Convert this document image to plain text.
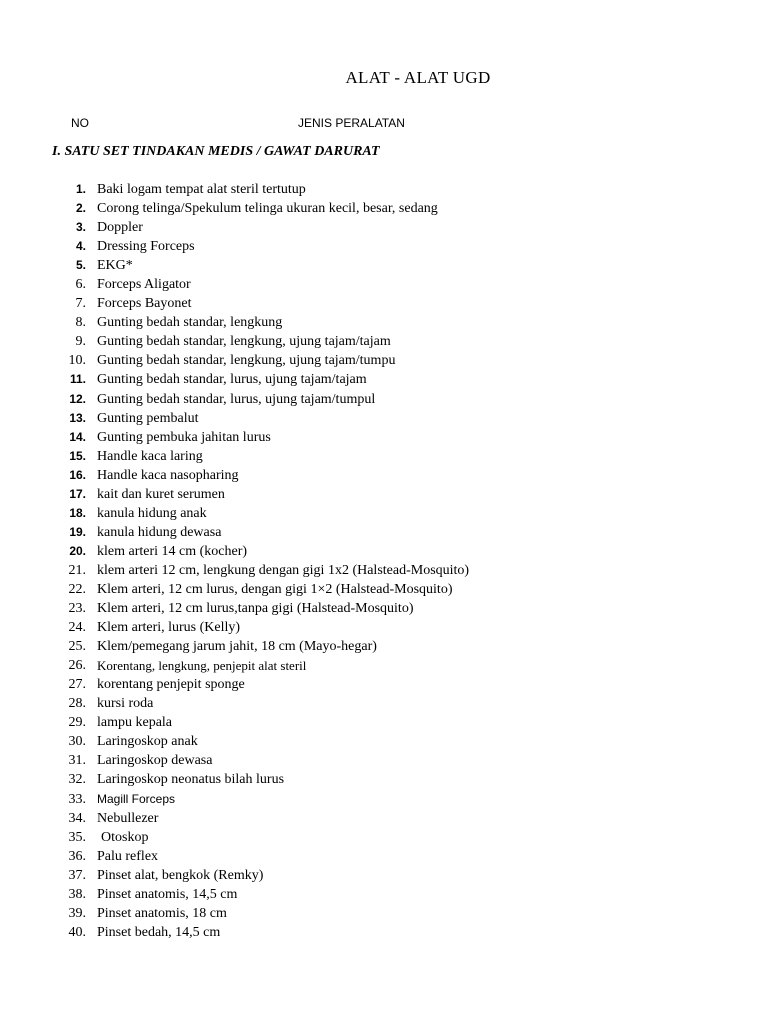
ALAT - ALAT UGD
NO	JENIS PERALATAN
I. SATU SET TINDAKAN MEDIS / GAWAT DARURAT
1. Baki logam tempat alat steril tertutup
2. Corong telinga/Spekulum telinga ukuran kecil, besar, sedang
3. Doppler
4. Dressing Forceps
5. EKG*
6. Forceps Aligator
7. Forceps Bayonet
8. Gunting bedah standar, lengkung
9. Gunting bedah standar, lengkung, ujung tajam/tajam
10. Gunting bedah standar, lengkung, ujung tajam/tumpu
11. Gunting bedah standar, lurus, ujung tajam/tajam
12. Gunting bedah standar, lurus, ujung tajam/tumpul
13. Gunting pembalut
14. Gunting pembuka jahitan lurus
15. Handle kaca laring
16. Handle kaca nasopharing
17. kait dan kuret serumen
18. kanula hidung anak
19. kanula hidung dewasa
20. klem arteri 14 cm (kocher)
21. klem arteri 12 cm, lengkung dengan gigi 1x2 (Halstead-Mosquito)
22. Klem arteri, 12 cm lurus, dengan gigi 1×2 (Halstead-Mosquito)
23. Klem arteri, 12 cm lurus,tanpa gigi (Halstead-Mosquito)
24. Klem arteri, lurus (Kelly)
25. Klem/pemegang jarum jahit, 18 cm (Mayo-hegar)
26. Korentang, lengkung, penjepit alat steril
27. korentang penjepit sponge
28. kursi roda
29. lampu kepala
30. Laringoskop anak
31. Laringoskop dewasa
32. Laringoskop neonatus bilah lurus
33. Magill Forceps
34. Nebullezer
35. Otoskop
36. Palu reflex
37. Pinset alat, bengkok (Remky)
38. Pinset anatomis, 14,5 cm
39. Pinset anatomis, 18 cm
40. Pinset bedah, 14,5 cm
